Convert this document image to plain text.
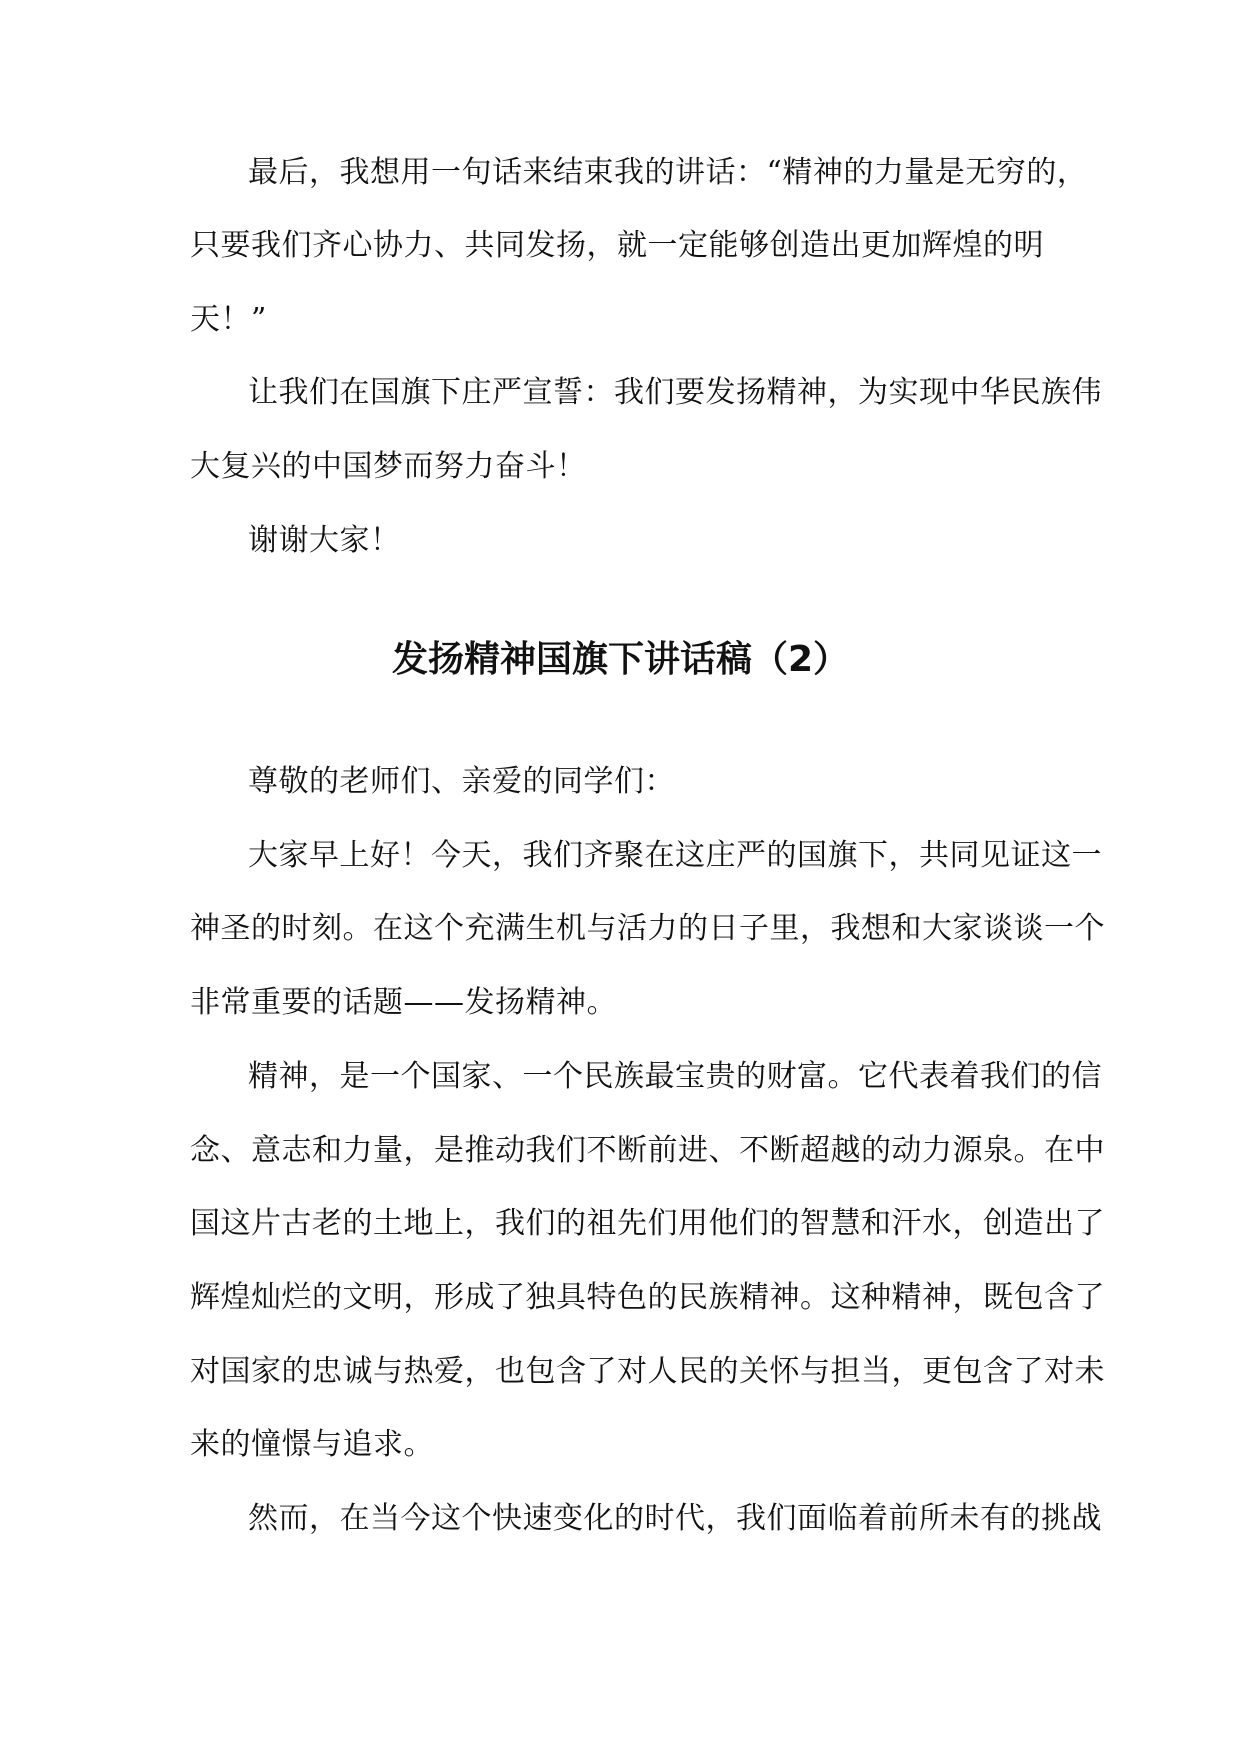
最后，我想用一句话来结束我的讲话：“精神的力量是无穷的，
只要我们齐心协力、共同发扬，就一定能够创造出更加辉煌的明
天！”
让我们在国旗下庄严宣誓：我们要发扬精神，为实现中华民族伟
大复兴的中国梦而努力奋斗！
谢谢大家！
发扬精神国旗下讲话稿（2）
尊敬的老师们、亲爱的同学们：
大家早上好！今天，我们齐聚在这庄严的国旗下，共同见证这一
神圣的时刻。在这个充满生机与活力的日子里，我想和大家谈谈一个
非常重要的话题——发扬精神。
精神，是一个国家、一个民族最宝贵的财富。它代表着我们的信
念、意志和力量，是推动我们不断前进、不断超越的动力源泉。在中
国这片古老的土地上，我们的祖先们用他们的智慧和汗水，创造出了
辉煌灿烂的文明，形成了独具特色的民族精神。这种精神，既包含了
对国家的忠诚与热爱，也包含了对人民的关怀与担当，更包含了对未
来的憧憬与追求。
然而，在当今这个快速变化的时代，我们面临着前所未有的挑战
